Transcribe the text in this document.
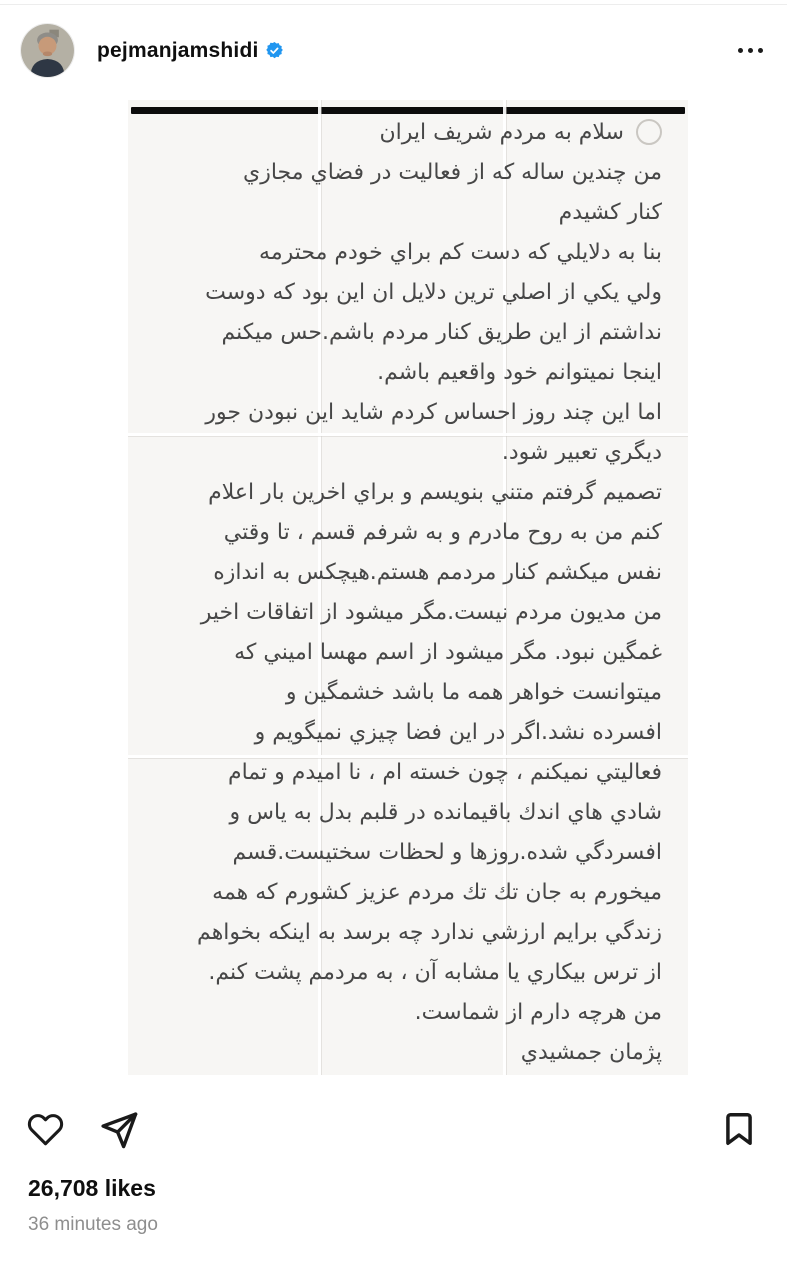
pejmanjamshidi
سلام به مردم شريف ايران
من چندين ساله كه از فعاليت در فضاي مجازي
كنار كشيدم
بنا به دلايلي كه دست كم براي خودم محترمه
ولي يكي از اصلي ترين دلايل ان اين بود كه دوست
نداشتم از اين طريق كنار مردم باشم.حس ميكنم
اينجا نميتوانم خود واقعيم باشم.
اما اين چند روز احساس كردم شايد اين نبودن جور
ديگري تعبير شود.
تصميم گرفتم متني بنويسم و براي اخرين بار اعلام
كنم من به روح مادرم و به شرفم قسم ، تا وقتي
نفس ميكشم كنار مردمم هستم.هيچكس به اندازه
من مديون مردم نيست.مگر ميشود از اتفاقات اخير
غمگين نبود. مگر ميشود از اسم مهسا اميني كه
ميتوانست خواهر همه ما باشد خشمگين و
افسرده نشد.اگر در اين فضا چيزي نميگويم و
فعاليتي نميكنم ، چون خسته ام ، نا اميدم و تمام
شادي هاي اندك باقيمانده در قلبم بدل به ياس و
افسردگي شده.روزها و لحظات سختيست.قسم
ميخورم به جان تك تك مردم عزيز كشورم كه همه
زندگي برايم ارزشي ندارد چه برسد به اينكه بخواهم
از ترس بيكاري يا مشابه آن ، به مردمم پشت كنم.
من هرچه دارم از شماست.
پژمان جمشيدي
26,708 likes
36 minutes ago
